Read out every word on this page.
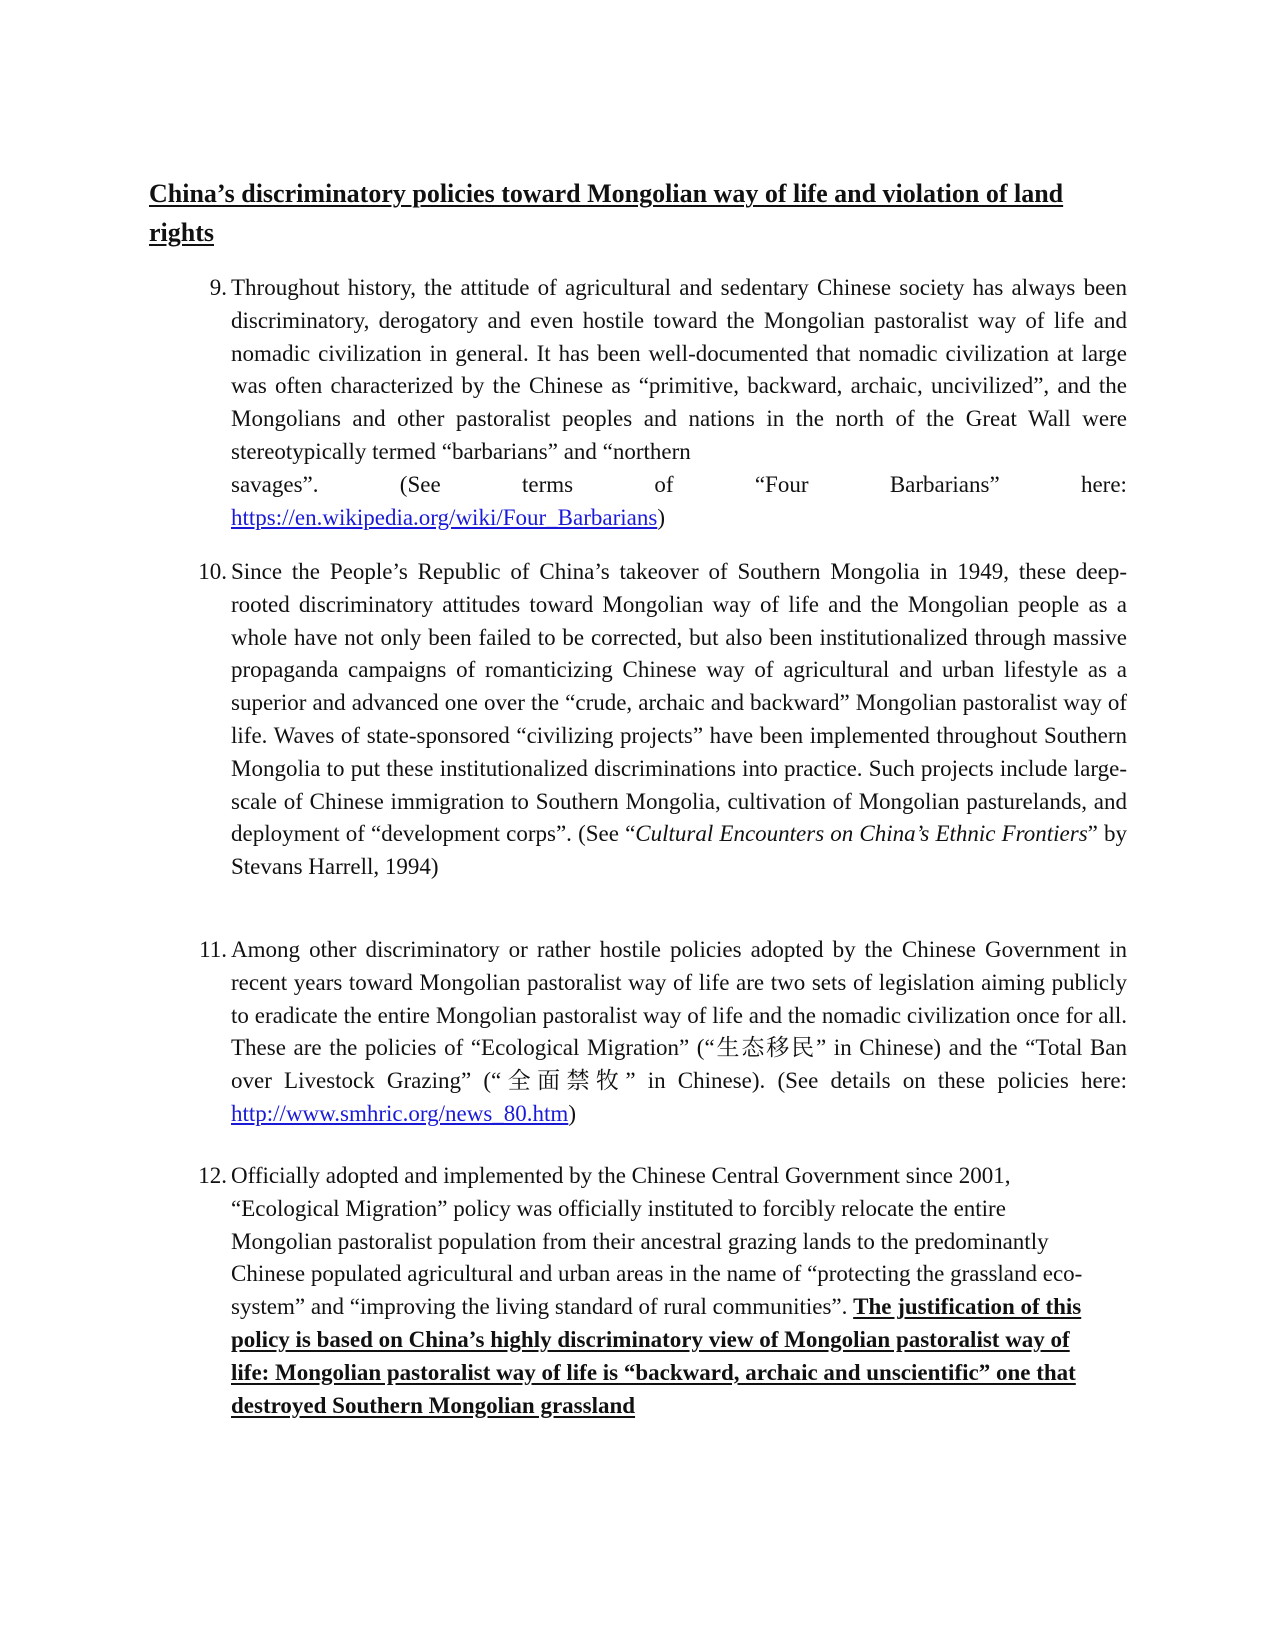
China’s discriminatory policies toward Mongolian way of life and violation of land rights
9. Throughout history, the attitude of agricultural and sedentary Chinese society has always been discriminatory, derogatory and even hostile toward the Mongolian pastoralist way of life and nomadic civilization in general. It has been well-documented that nomadic civilization at large was often characterized by the Chinese as “primitive, backward, archaic, uncivilized”, and the Mongolians and other pastoralist peoples and nations in the north of the Great Wall were stereotypically termed “barbarians” and “northern
savages”.	(See	terms	of	“Four	Barbarians”	here:
https://en.wikipedia.org/wiki/Four_Barbarians)
10. Since the People’s Republic of China’s takeover of Southern Mongolia in 1949, these deep-rooted discriminatory attitudes toward Mongolian way of life and the Mongolian people as a whole have not only been failed to be corrected, but also been institutionalized through massive propaganda campaigns of romanticizing Chinese way of agricultural and urban lifestyle as a superior and advanced one over the “crude, archaic and backward” Mongolian pastoralist way of life. Waves of state-sponsored “civilizing projects” have been implemented throughout Southern Mongolia to put these institutionalized discriminations into practice. Such projects include large-scale of Chinese immigration to Southern Mongolia, cultivation of Mongolian pasturelands, and deployment of “development corps”. (See “Cultural Encounters on China’s Ethnic Frontiers” by Stevans Harrell, 1994)
11. Among other discriminatory or rather hostile policies adopted by the Chinese Government in recent years toward Mongolian pastoralist way of life are two sets of legislation aiming publicly to eradicate the entire Mongolian pastoralist way of life and the nomadic civilization once for all. These are the policies of “Ecological Migration” (“生态移民” in Chinese) and the “Total Ban over Livestock Grazing” (“全面禁牧” in Chinese). (See details on these policies here: http://www.smhric.org/news_80.htm)
12. Officially adopted and implemented by the Chinese Central Government since 2001, “Ecological Migration” policy was officially instituted to forcibly relocate the entire Mongolian pastoralist population from their ancestral grazing lands to the predominantly Chinese populated agricultural and urban areas in the name of “protecting the grassland eco-system” and “improving the living standard of rural communities”. The justification of this policy is based on China’s highly discriminatory view of Mongolian pastoralist way of life: Mongolian pastoralist way of life is “backward, archaic and unscientific” one that destroyed Southern Mongolian grassland
